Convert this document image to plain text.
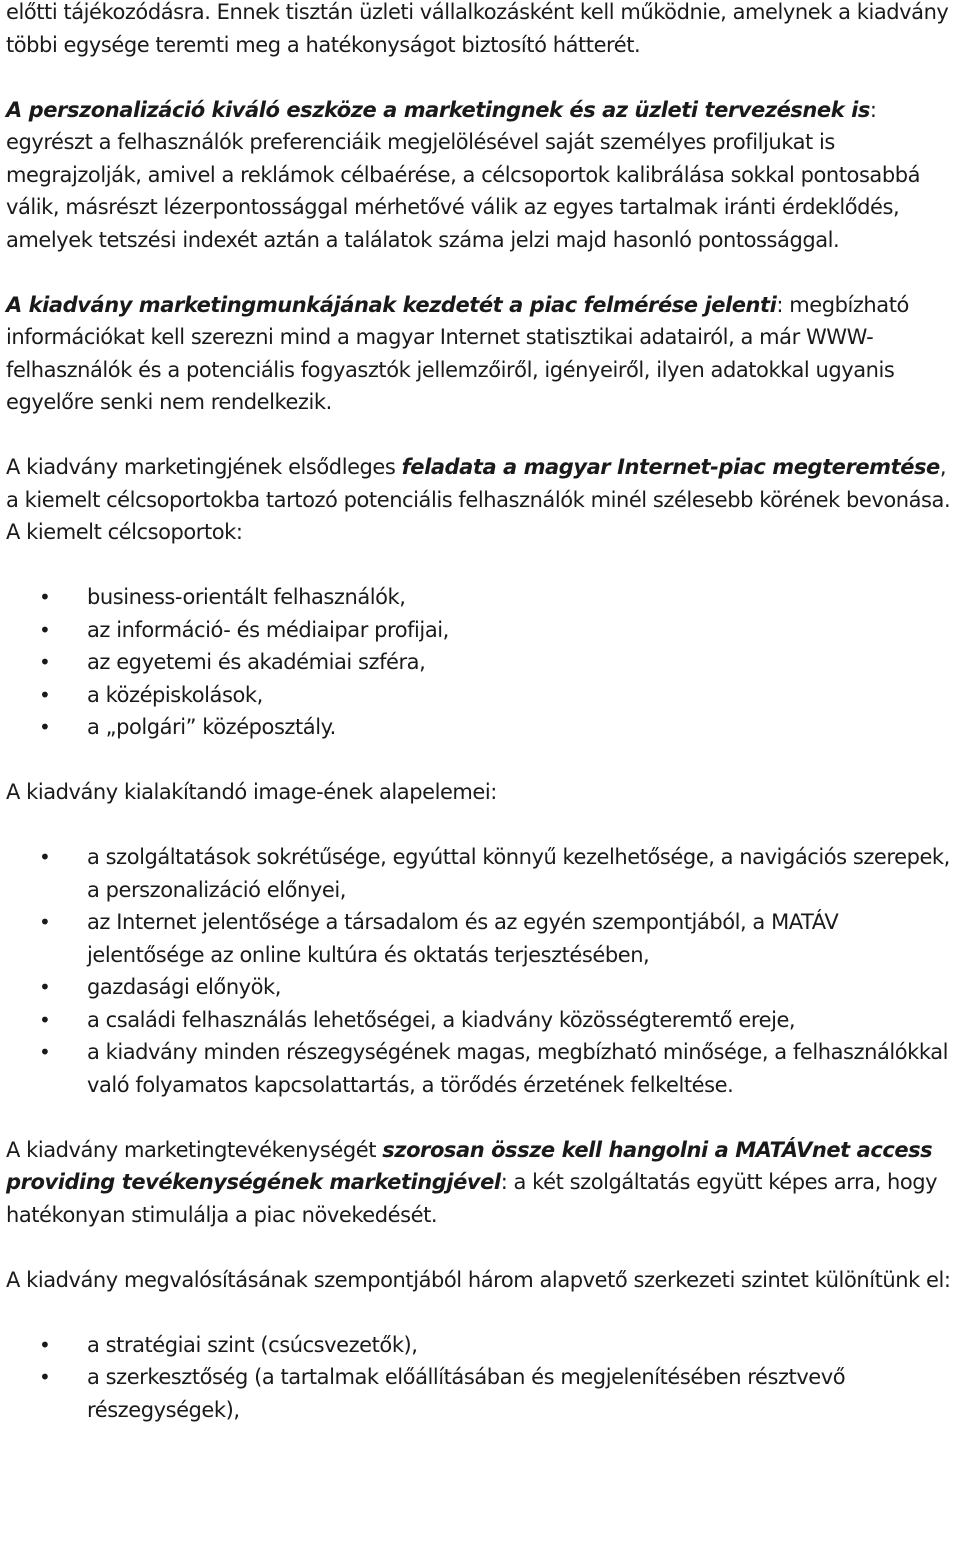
előtti tájékozódásra. Ennek tisztán üzleti vállalkozásként kell működnie, amelynek a kiadvány többi egysége teremti meg a hatékonyságot biztosító hátterét.

A perszonalizáció kiváló eszköze a marketingnek és az üzleti tervezésnek is: egyrészt a felhasználók preferenciáik megjelölésével saját személyes profiljukat is megrajzolják, amivel a reklámok célbaérése, a célcsoportok kalibrálása sokkal pontosabbá válik, másrészt lézerpontossággal mérhetővé válik az egyes tartalmak iránti érdeklődés, amelyek tetszési indexét aztán a találatok száma jelzi majd hasonló pontossággal.

A kiadvány marketingmunkájának kezdetét a piac felmérése jelenti: megbízható információkat kell szerezni mind a magyar Internet statisztikai adatairól, a már WWW-felhasználók és a potenciális fogyasztók jellemzőiről, igényeiről, ilyen adatokkal ugyanis egyelőre senki nem rendelkezik.

A kiadvány marketingjének elsődleges feladata a magyar Internet-piac megteremtése, a kiemelt célcsoportokba tartozó potenciális felhasználók minél szélesebb körének bevonása. A kiemelt célcsoportok:

• business-orientált felhasználók,
• az információ- és médiaipar profijai,
• az egyetemi és akadémiai szféra,
• a középiskolások,
• a „polgári” középosztály.

A kiadvány kialakítandó image-ének alapelemei:

• a szolgáltatások sokrétűsége, egyúttal könnyű kezelhetősége, a navigációs szerepek, a perszonalizáció előnyei,
• az Internet jelentősége a társadalom és az egyén szempontjából, a MATÁV jelentősége az online kultúra és oktatás terjesztésében,
• gazdasági előnyök,
• a családi felhasználás lehetőségei, a kiadvány közösségteremtő ereje,
• a kiadvány minden részegységének magas, megbízható minősége, a felhasználókkal való folyamatos kapcsolattartás, a törődés érzetének felkeltése.

A kiadvány marketingtevékenységét szorosan össze kell hangolni a MATÁVnet access providing tevékenységének marketingjével: a két szolgáltatás együtt képes arra, hogy hatékonyan stimulálja a piac növekedését.

A kiadvány megvalósításának szempontjából három alapvető szerkezeti szintet különítünk el:

• a stratégiai szint (csúcsvezetők),
• a szerkesztőség (a tartalmak előállításában és megjelenítésében résztvevő részegységek),
